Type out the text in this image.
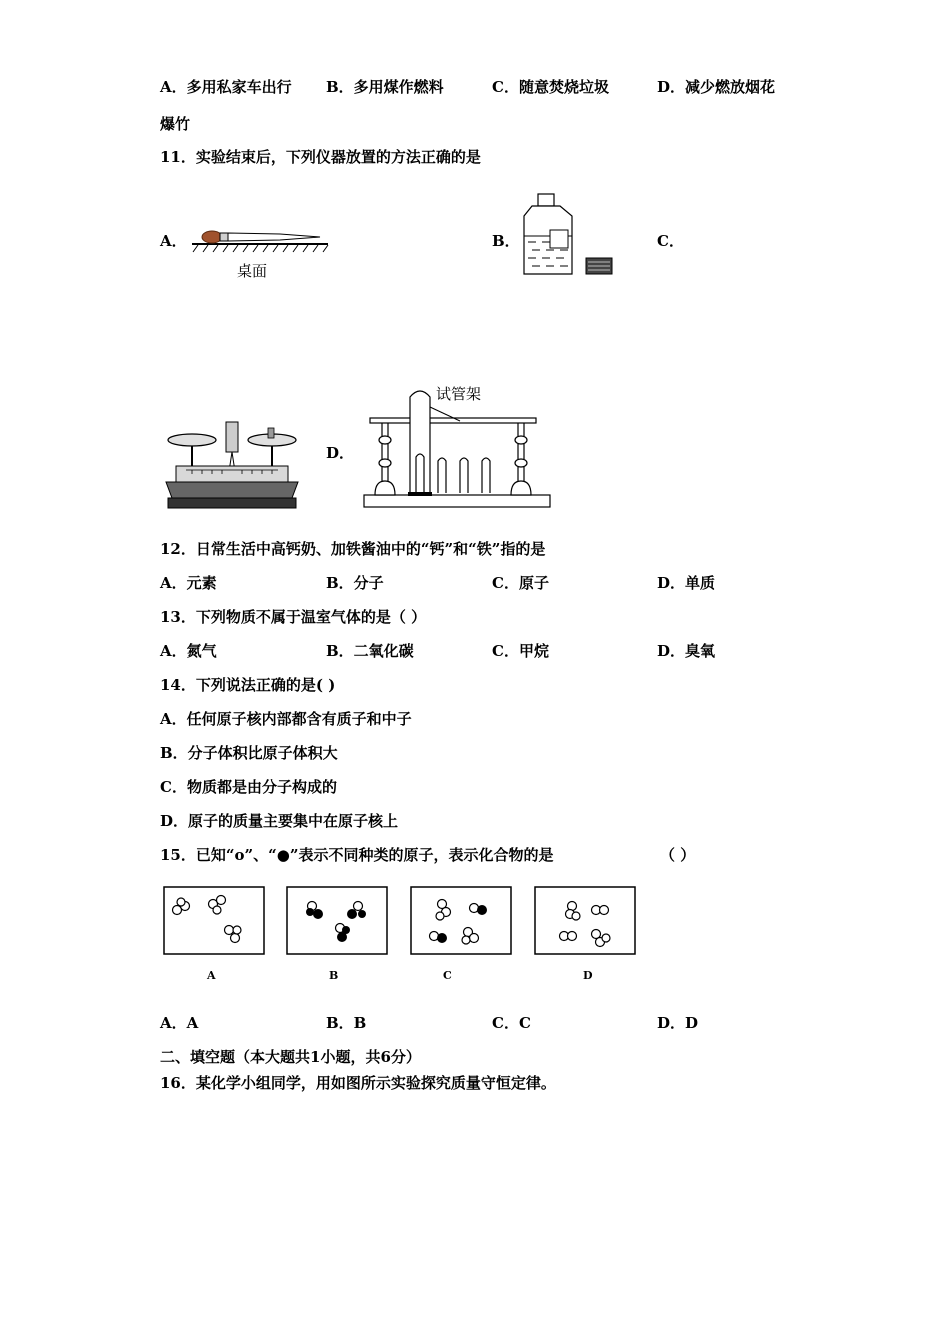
A．多用私家车出行 B．多用煤作燃料	C．随意焚烧垃圾	D．减少燃放烟花
爆竹
11．实验结束后，下列仪器放置的方法正确的是
A．	B．	C．
D．
桌面
试管架
12．日常生活中高钙奶、加铁酱油中的“钙”和“铁”指的是
A．元素	B．分子	C．原子	D．单质
13．下列物质不属于温室气体的是（ ）
A．氮气	B．二氧化碳	C．甲烷	D．臭氧
14．下列说法正确的是( )
A．任何原子核内部都含有质子和中子
B．分子体积比原子体积大
C．物质都是由分子构成的
D．原子的质量主要集中在原子核上
15．已知“o”、“●”表示不同种类的原子，表示化合物的是	（ ）
A	B	C	D
A．A	B．B	C．C	D．D
二、填空题（本大题共1小题，共6分）
16．某化学小组同学，用如图所示实验探究质量守恒定律。
